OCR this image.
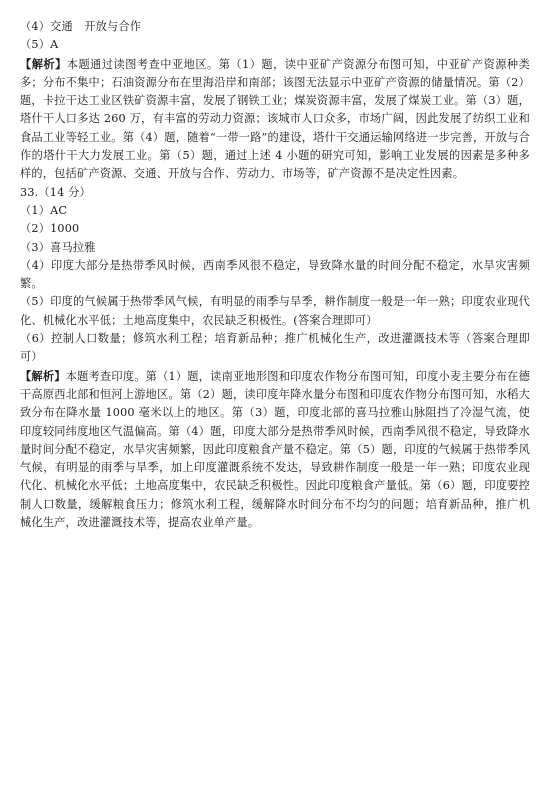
（4）交通　开放与合作
（5）A
【解析】本题通过读图考查中亚地区。第（1）题，读中亚矿产资源分布图可知，中亚矿产资源种类多；分布不集中；石油资源分布在里海沿岸和南部；该图无法显示中亚矿产资源的储量情况。第（2）题，卡拉干达工业区铁矿资源丰富，发展了钢铁工业；煤炭资源丰富，发展了煤炭工业。第（3）题，塔什干人口多达 260 万，有丰富的劳动力资源；该城市人口众多，市场广阔，因此发展了纺织工业和食品工业等轻工业。第（4）题，随着“一带一路”的建设，塔什干交通运输网络进一步完善，开放与合作的塔什干大力发展工业。第（5）题，通过上述 4 小题的研究可知，影响工业发展的因素是多种多样的，包括矿产资源、交通、开放与合作、劳动力、市场等，矿产资源不是决定性因素。
33.（14 分）
（1）AC
（2）1000
（3）喜马拉雅
（4）印度大部分是热带季风时候，西南季风很不稳定，导致降水量的时间分配不稳定，水旱灾害频繁。
（5）印度的气候属于热带季风气候，有明显的雨季与旱季，耕作制度一般是一年一熟；印度农业现代化、机械化水平低；土地高度集中，农民缺乏积极性。(答案合理即可）
（6）控制人口数量；修筑水利工程；培育新品种；推广机械化生产，改进灌溉技术等（答案合理即可）
【解析】本题考查印度。第（1）题，读南亚地形图和印度农作物分布图可知，印度小麦主要分布在德干高原西北部和恒河上游地区。第（2）题，读印度年降水量分布图和印度农作物分布图可知，水稻大致分布在降水量 1000 毫米以上的地区。第（3）题，印度北部的喜马拉雅山脉阻挡了冷湿气流，使印度较同纬度地区气温偏高。第（4）题，印度大部分是热带季风时候，西南季风很不稳定，导致降水量时间分配不稳定，水旱灾害频繁，因此印度粮食产量不稳定。第（5）题，印度的气候属于热带季风气候，有明显的雨季与旱季，加上印度灌溉系统不发达，导致耕作制度一般是一年一熟；印度农业现代化、机械化水平低；土地高度集中，农民缺乏积极性。因此印度粮食产量低。第（6）题，印度要控制人口数量，缓解粮食压力；修筑水利工程，缓解降水时间分布不均匀的问题；培育新品种，推广机械化生产，改进灌溉技术等，提高农业单产量。
